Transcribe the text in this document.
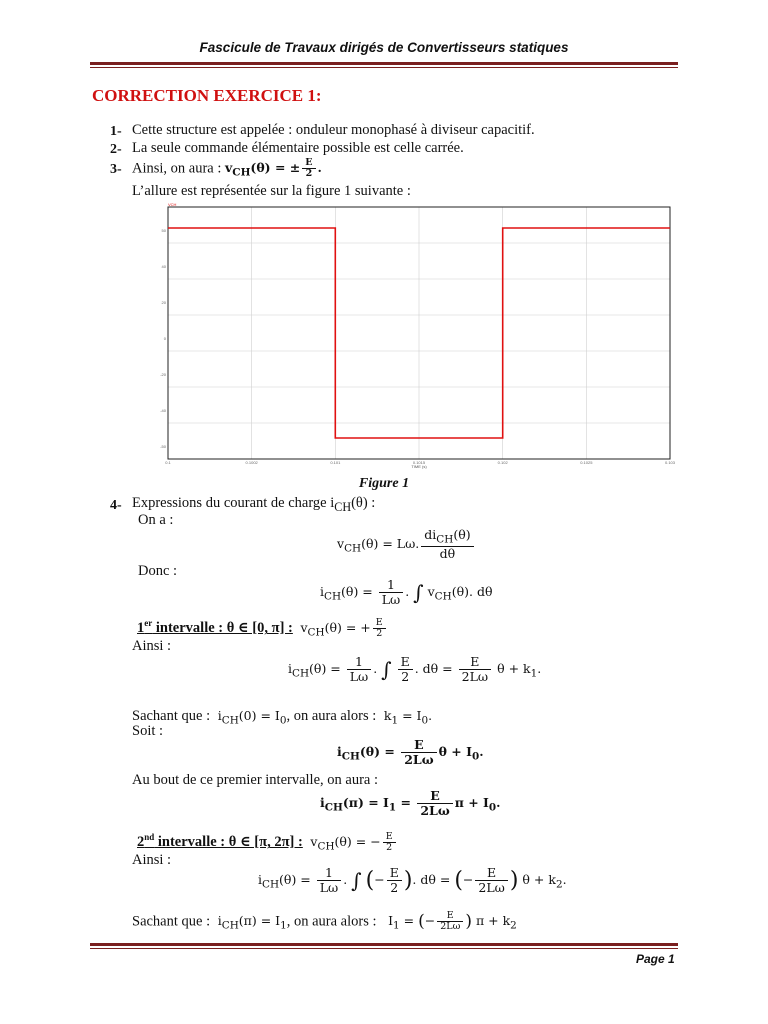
Fascicule de Travaux dirigés de Convertisseurs statiques
CORRECTION EXERCICE 1:
1- Cette structure est appelée : onduleur monophasé à diviseur capacitif.
2- La seule commande élémentaire possible est celle carrée.
3- Ainsi, on aura : $v_{CH}(\theta)$ = ± $\frac{E}{2}$ .
L’allure est représentée sur la figure 1 suivante :
50
40
20
0
-20
-40
-50
0.1	0.1002	0.101	0.1015	0.102	0.1025	0.103
VCH
TIME (s)
Figure 1
4- Expressions du courant de charge $i_{CH}(\theta)$ :
On a :
$v_{CH}(\theta) = L\omega$. $\frac{di_{CH}(\theta)}{d\theta}$
Donc :
$i_{CH}(\theta) = \frac{1}{L\omega}$ . ∫ $v_{CH}(\theta)$. dθ
1er intervalle : θ ∈ [0, π] :  $v_{CH}(\theta)$ = + $\frac{E}{2}$
Ainsi :
$i_{CH}(\theta) = \frac{1}{L\omega}$ . ∫ $\frac{E}{2}$ . $d\theta = \frac{E}{2L\omega}$ $\theta + k_1$.
Sachant que :  $i_{CH}(0) = I_0$, on aura alors :  $k_1 = I_0$.
Soit :
$i_{CH}(\theta) = \frac{E}{2L\omega}$ $\theta + I_0$.
Au bout de ce premier intervalle, on aura :
$i_{CH}(\pi) = I_1 = \frac{E}{2L\omega}$ $\pi + I_0$.
2nd intervalle : θ ∈ [π, 2π] :  $v_{CH}(\theta)$ = − $\frac{E}{2}$
Ainsi :
$i_{CH}(\theta) = \frac{1}{L\omega}$ . ∫ (− $\frac{E}{2}$ ). dθ = (− $\frac{E}{2L\omega}$ ) $\theta + k_2$.
Sachant que :  $i_{CH}(\pi) = I_1$, on aura alors :   $I_1$ = (− $\frac{E}{2L\omega}$ ) $\pi + k_2$
Page 1
